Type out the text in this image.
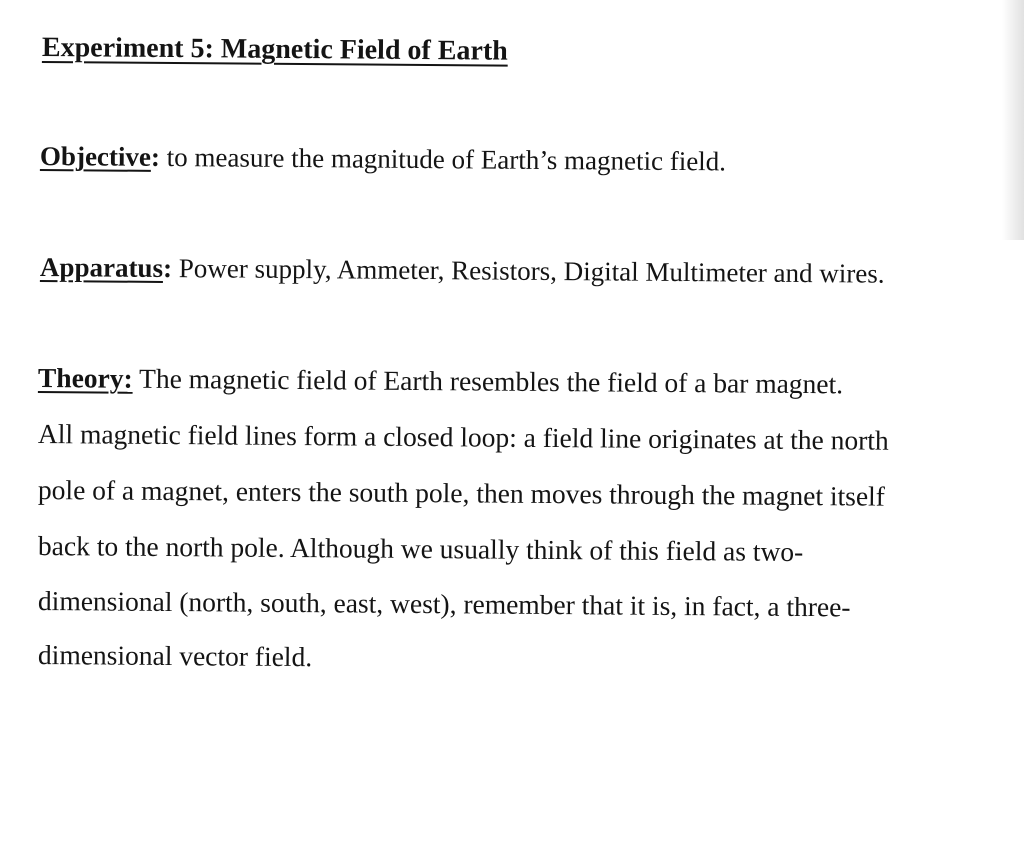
Experiment 5: Magnetic Field of Earth
Objective: to measure the magnitude of Earth’s magnetic field.
Apparatus: Power supply, Ammeter, Resistors, Digital Multimeter and wires.
Theory: The magnetic field of Earth resembles the field of a bar magnet.
All magnetic field lines form a closed loop: a field line originates at the north
pole of a magnet, enters the south pole, then moves through the magnet itself
back to the north pole. Although we usually think of this field as two-
dimensional (north, south, east, west), remember that it is, in fact, a three-
dimensional vector field.
